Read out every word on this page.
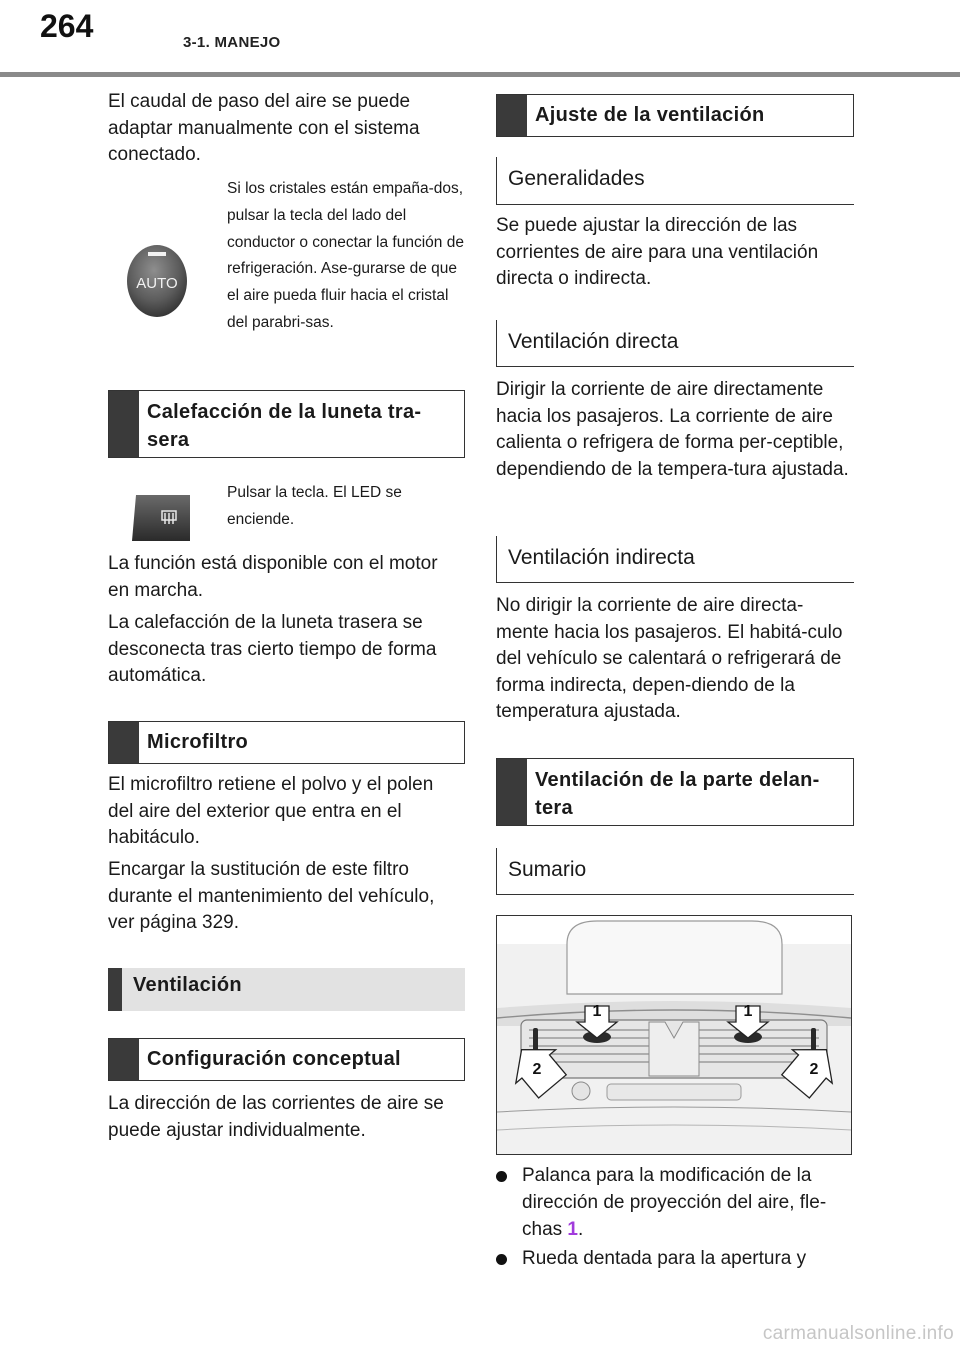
264	3-1. MANEJO
El caudal de paso del aire se puede adaptar manualmente con el sistema conectado.
AUTO
Si los cristales están empaña-dos, pulsar la tecla del lado del conductor o conectar la función de refrigeración. Ase-gurarse de que el aire pueda fluir hacia el cristal del parabri-sas.
Calefacción de la luneta tra-sera
Pulsar la tecla. El LED se enciende.
La función está disponible con el motor en marcha.
La calefacción de la luneta trasera se desconecta tras cierto tiempo de forma automática.
Microfiltro
El microfiltro retiene el polvo y el polen del aire del exterior que entra en el habitáculo.
Encargar la sustitución de este filtro durante el mantenimiento del vehículo, ver página 329.
Ventilación
Configuración conceptual
La dirección de las corrientes de aire se puede ajustar individualmente.
Ajuste de la ventilación
Generalidades
Se puede ajustar la dirección de las corrientes de aire para una ventilación directa o indirecta.
Ventilación directa
Dirigir la corriente de aire directamente hacia los pasajeros. La corriente de aire calienta o refrigera de forma per-ceptible, dependiendo de la tempera-tura ajustada.
Ventilación indirecta
No dirigir la corriente de aire directa-mente hacia los pasajeros. El habitá-culo del vehículo se calentará o refrigerará de forma indirecta, depen-diendo de la temperatura ajustada.
Ventilación de la parte delan-tera
Sumario
1	1
2	2
Palanca para la modificación de la dirección de proyección del aire, fle-chas 1.
Rueda dentada para la apertura y
carmanualsonline.info
